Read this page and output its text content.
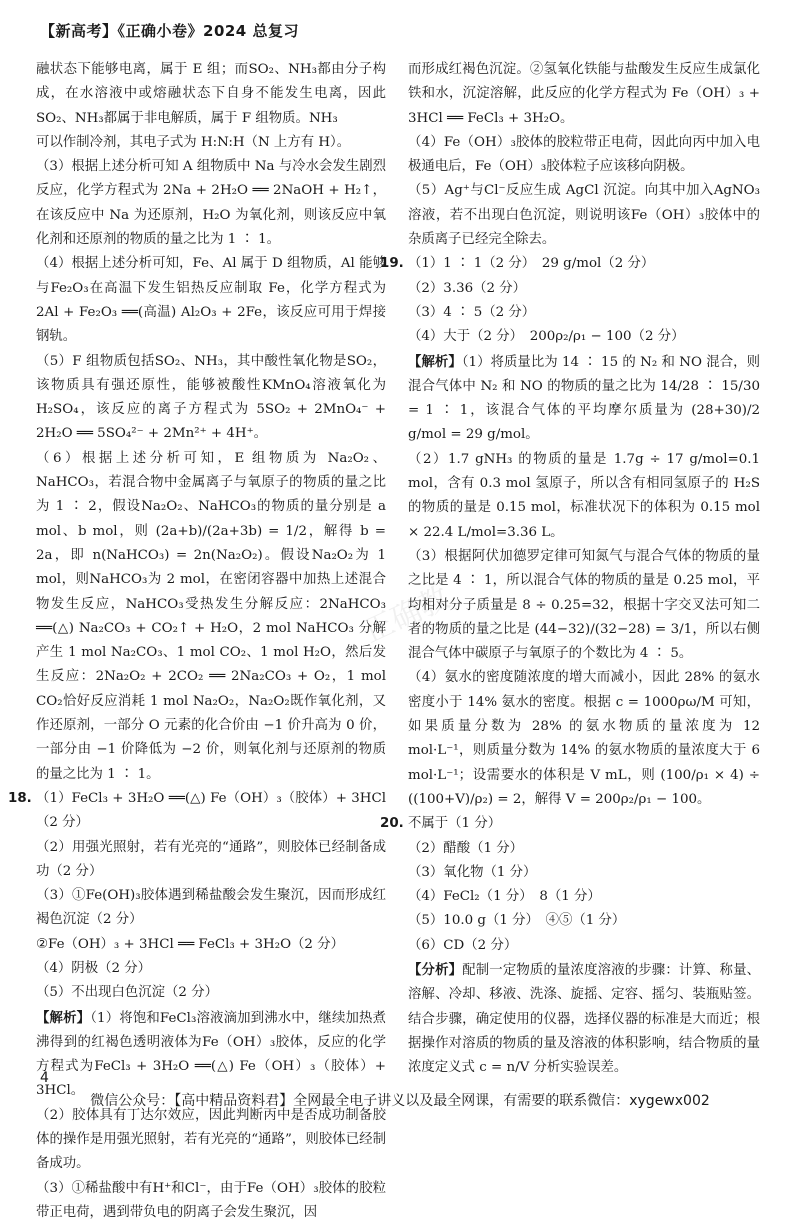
【新高考】《正确小卷》2024 总复习
正确教

融状态下能够电离，属于 E 组；而SO₂、NH₃都由分子构成，在水溶液中或熔融状态下自身不能发生电离，因此SO₂、NH₃都属于非电解质，属于 F 组物质。NH₃

可以作制冷剂，其电子式为 H:N:H（N 上方有 H）。

（3）根据上述分析可知 A 组物质中 Na 与冷水会发生剧烈反应，化学方程式为 2Na + 2H₂O ══ 2NaOH + H₂↑，在该反应中 Na 为还原剂，H₂O 为氧化剂，则该反应中氧化剂和还原剂的物质的量之比为 1 ∶ 1。

（4）根据上述分析可知，Fe、Al 属于 D 组物质，Al 能够与Fe₂O₃在高温下发生铝热反应制取 Fe，化学方程式为 2Al + Fe₂O₃ ══(高温) Al₂O₃ + 2Fe，该反应可用于焊接钢轨。

（5）F 组物质包括SO₂、NH₃，其中酸性氧化物是SO₂，该物质具有强还原性，能够被酸性KMnO₄溶液氧化为H₂SO₄，该反应的离子方程式为 5SO₂ + 2MnO₄⁻ + 2H₂O ══ 5SO₄²⁻ + 2Mn²⁺ + 4H⁺。

（6）根据上述分析可知，E 组物质为 Na₂O₂、NaHCO₃，若混合物中金属离子与氧原子的物质的量之比为 1 ∶ 2，假设Na₂O₂、NaHCO₃的物质的量分别是 a mol、b mol，则 (2a+b)/(2a+3b) = 1/2，解得 b = 2a，即 n(NaHCO₃) = 2n(Na₂O₂)。假设Na₂O₂为 1 mol，则NaHCO₃为 2 mol，在密闭容器中加热上述混合物发生反应，NaHCO₃受热发生分解反应：2NaHCO₃ ══(△) Na₂CO₃ + CO₂↑ + H₂O，2 mol NaHCO₃ 分解产生 1 mol Na₂CO₃、1 mol CO₂、1 mol H₂O，然后发生反应：2Na₂O₂ + 2CO₂ ══ 2Na₂CO₃ + O₂，1 mol CO₂恰好反应消耗 1 mol Na₂O₂，Na₂O₂既作氧化剂，又作还原剂，一部分 O 元素的化合价由 −1 价升高为 0 价，一部分由 −1 价降低为 −2 价，则氧化剂与还原剂的物质的量之比为 1 ∶ 1。

18. （1）FeCl₃ + 3H₂O ══(△) Fe（OH）₃（胶体）+ 3HCl（2 分）

（2）用强光照射，若有光亮的“通路”，则胶体已经制备成功（2 分）

（3）①Fe(OH)₃胶体遇到稀盐酸会发生聚沉，因而形成红褐色沉淀（2 分）

②Fe（OH）₃ + 3HCl ══ FeCl₃ + 3H₂O（2 分）

（4）阴极（2 分）

（5）不出现白色沉淀（2 分）

【解析】（1）将饱和FeCl₃溶液滴加到沸水中，继续加热煮沸得到的红褐色透明液体为Fe（OH）₃胶体，反应的化学方程式为FeCl₃ + 3H₂O ══(△) Fe（OH）₃（胶体）+ 3HCl。

（2）胶体具有丁达尔效应，因此判断丙中是否成功制备胶体的操作是用强光照射，若有光亮的“通路”，则胶体已经制备成功。

（3）①稀盐酸中有H⁺和Cl⁻，由于Fe（OH）₃胶体的胶粒带正电荷，遇到带负电的阴离子会发生聚沉，因

而形成红褐色沉淀。②氢氧化铁能与盐酸发生反应生成氯化铁和水，沉淀溶解，此反应的化学方程式为 Fe（OH）₃ + 3HCl ══ FeCl₃ + 3H₂O。

（4）Fe（OH）₃胶体的胶粒带正电荷，因此向丙中加入电极通电后，Fe（OH）₃胶体粒子应该移向阴极。

（5）Ag⁺与Cl⁻反应生成 AgCl 沉淀。向其中加入AgNO₃溶液，若不出现白色沉淀，则说明该Fe（OH）₃胶体中的杂质离子已经完全除去。

19. （1）1 ∶ 1（2 分）　29 g/mol（2 分）

（2）3.36（2 分）

（3）4 ∶ 5（2 分）

（4）大于（2 分）　200ρ₂/ρ₁ − 100（2 分）

【解析】（1）将质量比为 14 ∶ 15 的 N₂ 和 NO 混合，则混合气体中 N₂ 和 NO 的物质的量之比为 14/28 ∶ 15/30 = 1 ∶ 1，该混合气体的平均摩尔质量为 (28+30)/2 g/mol = 29 g/mol。

（2）1.7 gNH₃ 的物质的量是 1.7g ÷ 17 g/mol=0.1 mol，含有 0.3 mol 氢原子，所以含有相同氢原子的 H₂S 的物质的量是 0.15 mol，标准状况下的体积为 0.15 mol × 22.4 L/mol=3.36 L。

（3）根据阿伏加德罗定律可知氮气与混合气体的物质的量之比是 4 ∶ 1，所以混合气体的物质的量是 0.25 mol，平均相对分子质量是 8 ÷ 0.25=32，根据十字交叉法可知二者的物质的量之比是 (44−32)/(32−28) = 3/1，所以右侧混合气体中碳原子与氧原子的个数比为 4 ∶ 5。

（4）氨水的密度随浓度的增大而减小，因此 28% 的氨水密度小于 14% 氨水的密度。根据 c = 1000ρω/M 可知，如果质量分数为 28% 的氨水物质的量浓度为 12 mol·L⁻¹，则质量分数为 14% 的氨水物质的量浓度大于 6 mol·L⁻¹；设需要水的体积是 V mL，则 (100/ρ₁ × 4) ÷ ((100+V)/ρ₂) = 2，解得 V = 200ρ₂/ρ₁ − 100。

20. 不属于（1 分）

（2）醋酸（1 分）

（3）氧化物（1 分）

（4）FeCl₂（1 分）　8（1 分）

（5）10.0 g（1 分）　④⑤（1 分）

（6）CD（2 分）

【分析】配制一定物质的量浓度溶液的步骤：计算、称量、溶解、冷却、移液、洗涤、旋摇、定容、摇匀、装瓶贴签。结合步骤，确定使用的仪器，选择仪器的标准是大而近；根据操作对溶质的物质的量及溶液的体积影响，结合物质的量浓度定义式 c = n/V 分析实验误差。

4
微信公众号：【高中精品资料君】全网最全电子讲义以及最全网课，有需要的联系微信：xygewx002
